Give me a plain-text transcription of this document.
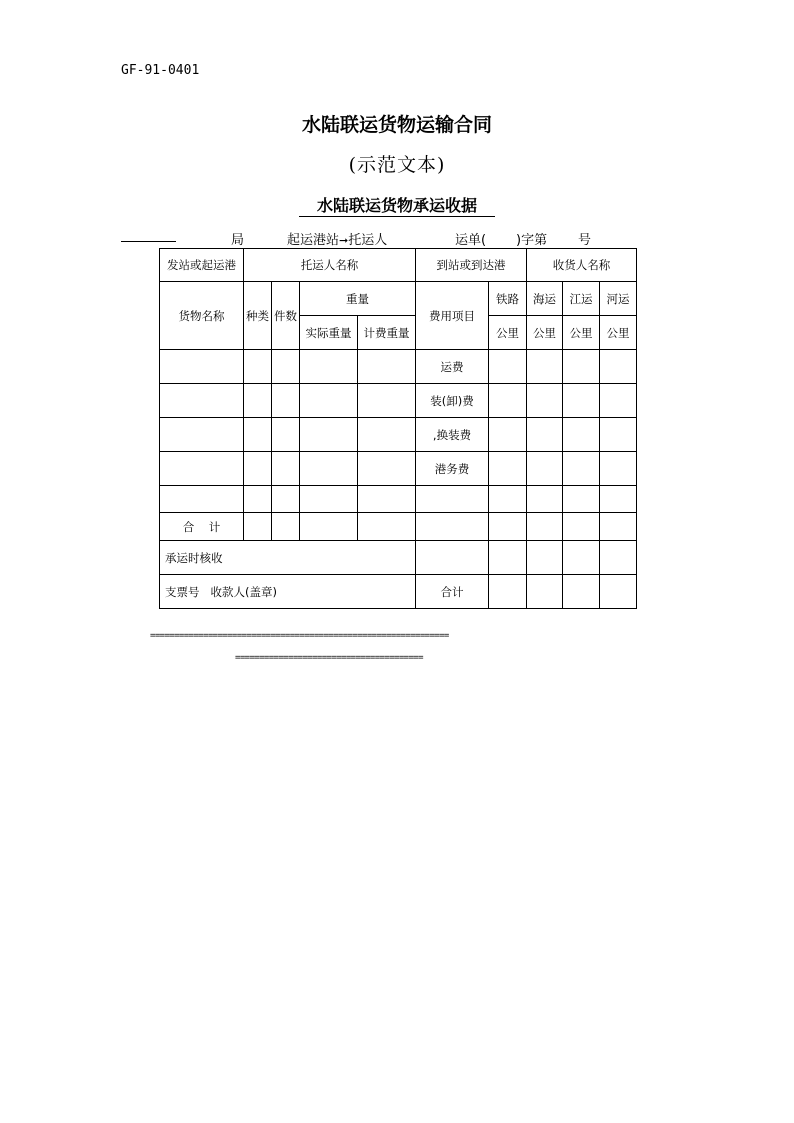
GF-91-0401
水陆联运货物运输合同
(示范文本)
水陆联运货物承运收据
局	起运港站➞托运人	运单( )字第 号
发站或起运港	托运人名称				到站或到达港		收货人名称		
货物名称	种类	件数	重量		费用项目	铁路	海运	江运	河运
			实际重量	计费重量		公里	公里	公里	公里
					运费				
					装(卸)费				
					,换装费				
					港务费				

合    计									
承运时核收									
支票号   收款人(盖章)					合计				
==============================================================
=======================================
